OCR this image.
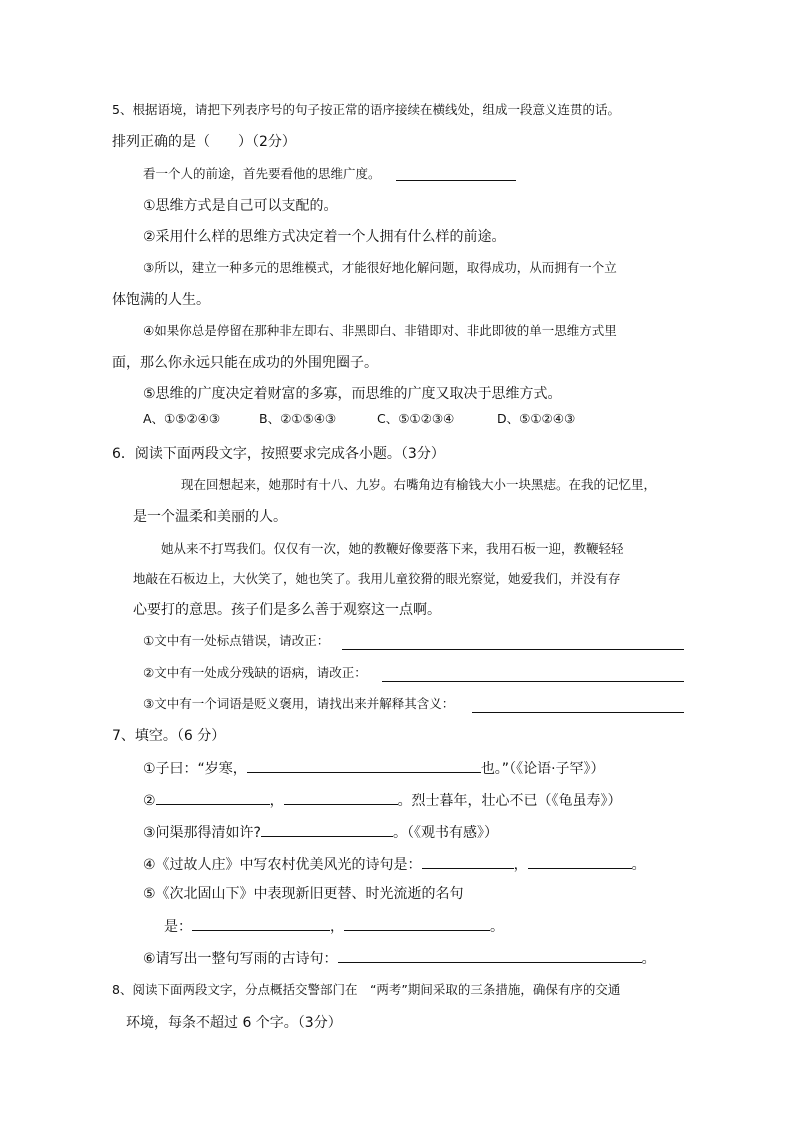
5、根据语境，请把下列表序号的句子按正常的语序接续在横线处，组成一段意义连贯的话。
排列正确的是（　　）（2分）
看一个人的前途，首先要看他的思维广度。
①思维方式是自己可以支配的。
②采用什么样的思维方式决定着一个人拥有什么样的前途。
③所以，建立一种多元的思维模式，才能很好地化解问题，取得成功，从而拥有一个立
体饱满的人生。
④如果你总是停留在那种非左即右、非黑即白、非错即对、非此即彼的单一思维方式里
面，那么你永远只能在成功的外围兜圈子。
⑤思维的广度决定着财富的多寡，而思维的广度又取决于思维方式。
A、①⑤②④③	B、②①⑤④③	C、⑤①②③④	D、⑤①②④③
6．阅读下面两段文字，按照要求完成各小题。（3分）
现在回想起来，她那时有十八、九岁。右嘴角边有榆钱大小一块黑痣。在我的记忆里，
是一个温柔和美丽的人。
她从来不打骂我们。仅仅有一次，她的教鞭好像要落下来，我用石板一迎，教鞭轻轻
地敲在石板边上，大伙笑了，她也笑了。我用儿童狡猾的眼光察觉，她爱我们，并没有存
心要打的意思。孩子们是多么善于观察这一点啊。
①文中有一处标点错误，请改正：
②文中有一处成分残缺的语病，请改正：
③文中有一个词语是贬义褒用，请找出来并解释其含义：
7、填空。（6 分）
①子曰：“岁寒，	也。”（《论语·子罕》）
②	，	。烈士暮年，壮心不已（《龟虽寿》）
③问渠那得清如许?	。（《观书有感》）
④《过故人庄》中写农村优美风光的诗句是：	，	。
⑤《次北固山下》中表现新旧更替、时光流逝的名句
是：	，	。
⑥请写出一整句写雨的古诗句：	。
8、阅读下面两段文字，分点概括交警部门在　“两考”期间采取的三条措施，确保有序的交通
环境，每条不超过 6 个字。（3分）
